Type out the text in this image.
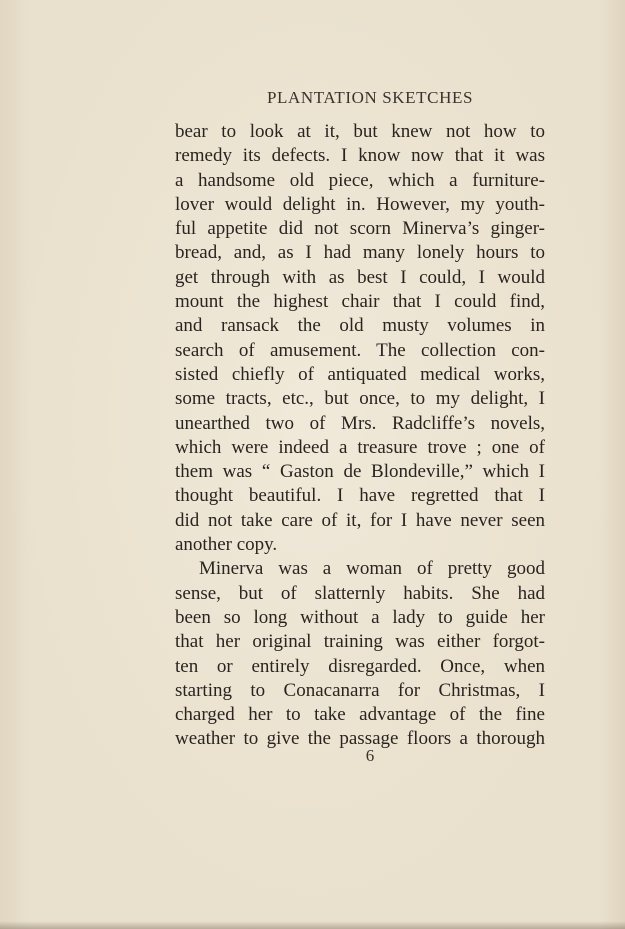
PLANTATION SKETCHES
bear to look at it, but knew not how to
remedy its defects. I know now that it was
a handsome old piece, which a furniture-
lover would delight in. However, my youth-
ful appetite did not scorn Minerva’s ginger-
bread, and, as I had many lonely hours to
get through with as best I could, I would
mount the highest chair that I could find,
and ransack the old musty volumes in
search of amusement. The collection con-
sisted chiefly of antiquated medical works,
some tracts, etc., but once, to my delight, I
unearthed two of Mrs. Radcliffe’s novels,
which were indeed a treasure trove ; one of
them was “ Gaston de Blondeville,” which I
thought beautiful. I have regretted that I
did not take care of it, for I have never seen
another copy.
Minerva was a woman of pretty good
sense, but of slatternly habits. She had
been so long without a lady to guide her
that her original training was either forgot-
ten or entirely disregarded. Once, when
starting to Conacanarra for Christmas, I
charged her to take advantage of the fine
weather to give the passage floors a thorough
6
